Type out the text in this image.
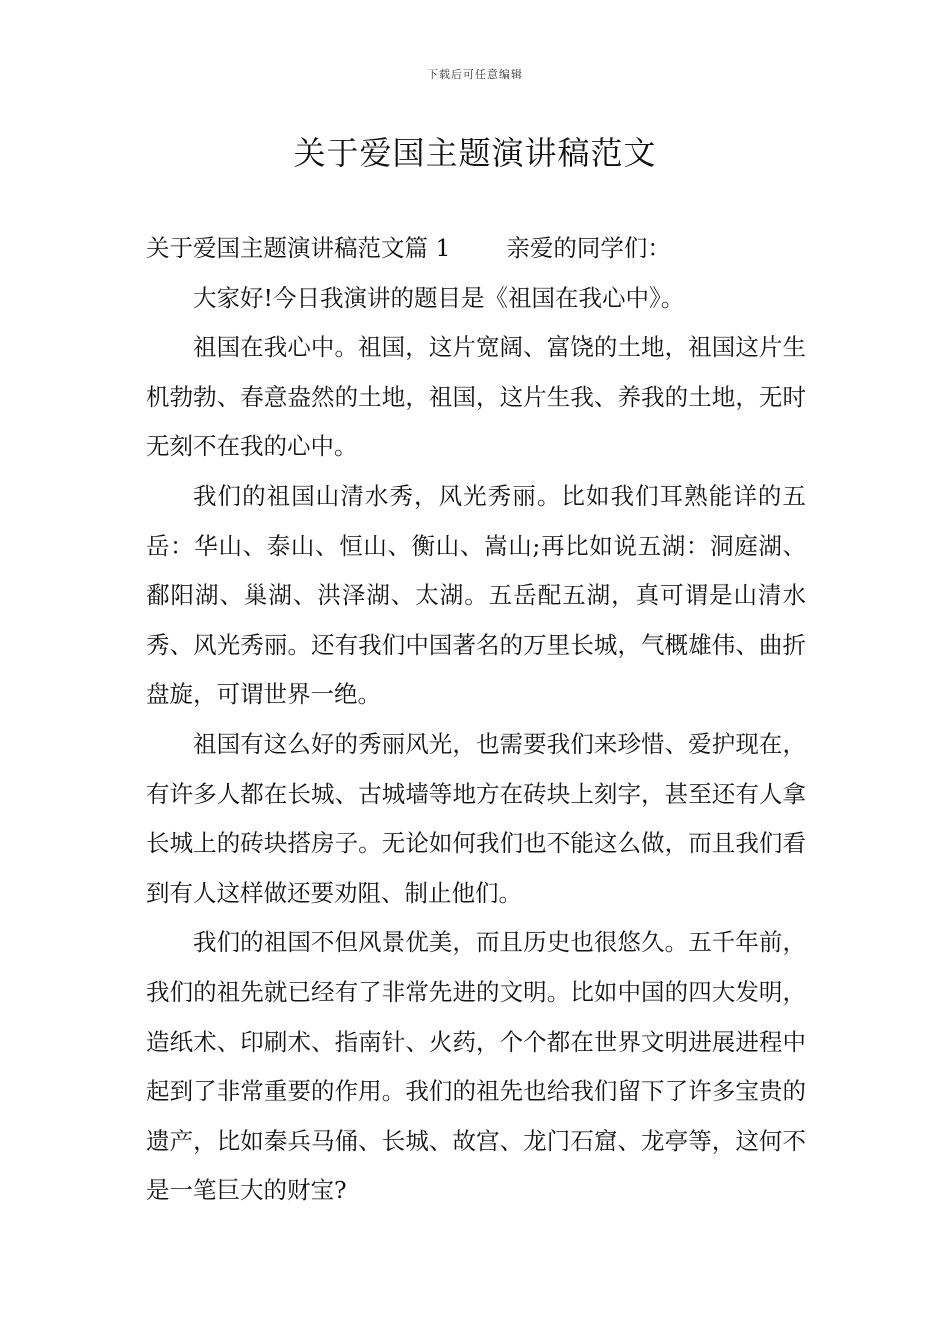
下载后可任意编辑
关于爱国主题演讲稿范文

关于爱国主题演讲稿范文篇 1 亲爱的同学们：

大家好!今日我演讲的题目是《祖国在我心中》。

祖国在我心中。祖国，这片宽阔、富饶的土地，祖国这片生机勃勃、春意盎然的土地，祖国，这片生我、养我的土地，无时无刻不在我的心中。

我们的祖国山清水秀，风光秀丽。比如我们耳熟能详的五岳：华山、泰山、恒山、衡山、嵩山;再比如说五湖：洞庭湖、鄱阳湖、巢湖、洪泽湖、太湖。五岳配五湖，真可谓是山清水秀、风光秀丽。还有我们中国著名的万里长城，气概雄伟、曲折盘旋，可谓世界一绝。

祖国有这么好的秀丽风光，也需要我们来珍惜、爱护现在，有许多人都在长城、古城墙等地方在砖块上刻字，甚至还有人拿长城上的砖块搭房子。无论如何我们也不能这么做，而且我们看到有人这样做还要劝阻、制止他们。

我们的祖国不但风景优美，而且历史也很悠久。五千年前，我们的祖先就已经有了非常先进的文明。比如中国的四大发明，造纸术、印刷术、指南针、火药，个个都在世界文明进展进程中起到了非常重要的作用。我们的祖先也给我们留下了许多宝贵的遗产，比如秦兵马俑、长城、故宫、龙门石窟、龙亭等，这何不是一笔巨大的财宝?
